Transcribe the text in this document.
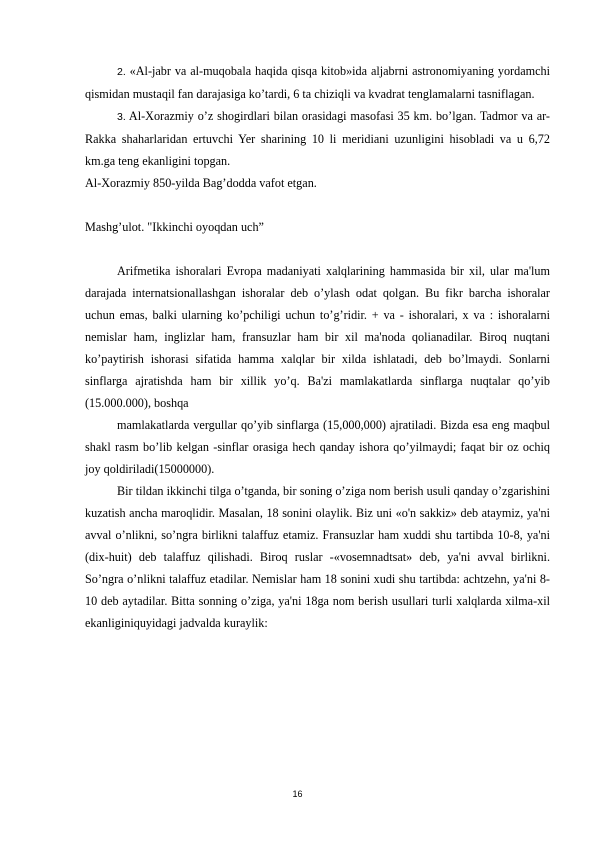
2. «Al-jabr va al-muqobala haqida qisqa kitob»ida aljabrni astronomiyaning yordamchi qismidan mustaqil fan darajasiga ko’tardi, 6 ta chiziqli va kvadrat tenglamalarni tasniflagan.

3. Al-Xorazmiy o’z shogirdlari bilan orasidagi masofasi 35 km. bo’lgan. Tadmor va ar-Rakka shaharlaridan ertuvchi Yer sharining 10 li meridiani uzunligini hisobladi va u 6,72 km.ga teng ekanligini topgan.

Al-Xorazmiy 850-yilda Bag’dodda vafot etgan.

Mashg’ulot. "Ikkinchi oyoqdan uch”

Arifmetika ishoralari Evropa madaniyati xalqlarining hammasida bir xil, ular ma'lum darajada internatsionallashgan ishoralar deb o’ylash odat qolgan. Bu fikr barcha ishoralar uchun emas, balki ularning ko’pchiligi uchun to’g’ridir. + va - ishoralari, x va : ishoralarni nemislar ham, inglizlar ham, fransuzlar ham bir xil ma'noda qolianadilar. Biroq nuqtani ko’paytirish ishorasi sifatida hamma xalqlar bir xilda ishlatadi, deb bo’lmaydi. Sonlarni sinflarga ajratishda ham bir xillik yo’q. Ba'zi mamlakatlarda sinflarga nuqtalar qo’yib (15.000.000), boshqa

mamlakatlarda vergullar qo’yib sinflarga (15,000,000) ajratiladi. Bizda esa eng maqbul shakl rasm bo’lib kelgan -sinflar orasiga hech qanday ishora qo’yilmaydi; faqat bir oz ochiq joy qoldiriladi(15000000).

Bir tildan ikkinchi tilga o’tganda, bir soning o’ziga nom berish usuli qanday o’zgarishini kuzatish ancha maroqlidir. Masalan, 18 sonini olaylik. Biz uni «o'n sakkiz» deb ataymiz, ya'ni avval o’nlikni, so’ngra birlikni talaffuz etamiz. Fransuzlar ham xuddi shu tartibda 10-8, ya'ni (dix-huit) deb talaffuz qilishadi. Biroq ruslar -«vosemnadtsat» deb, ya'ni avval birlikni. So’ngra o’nlikni talaffuz etadilar. Nemislar ham 18 sonini xudi shu tartibda: achtzehn, ya'ni 8-10 deb aytadilar. Bitta sonning o’ziga, ya'ni 18ga nom berish usullari turli xalqlarda xilma-xil ekanliginiquyidagi jadvalda kuraylik:

16
